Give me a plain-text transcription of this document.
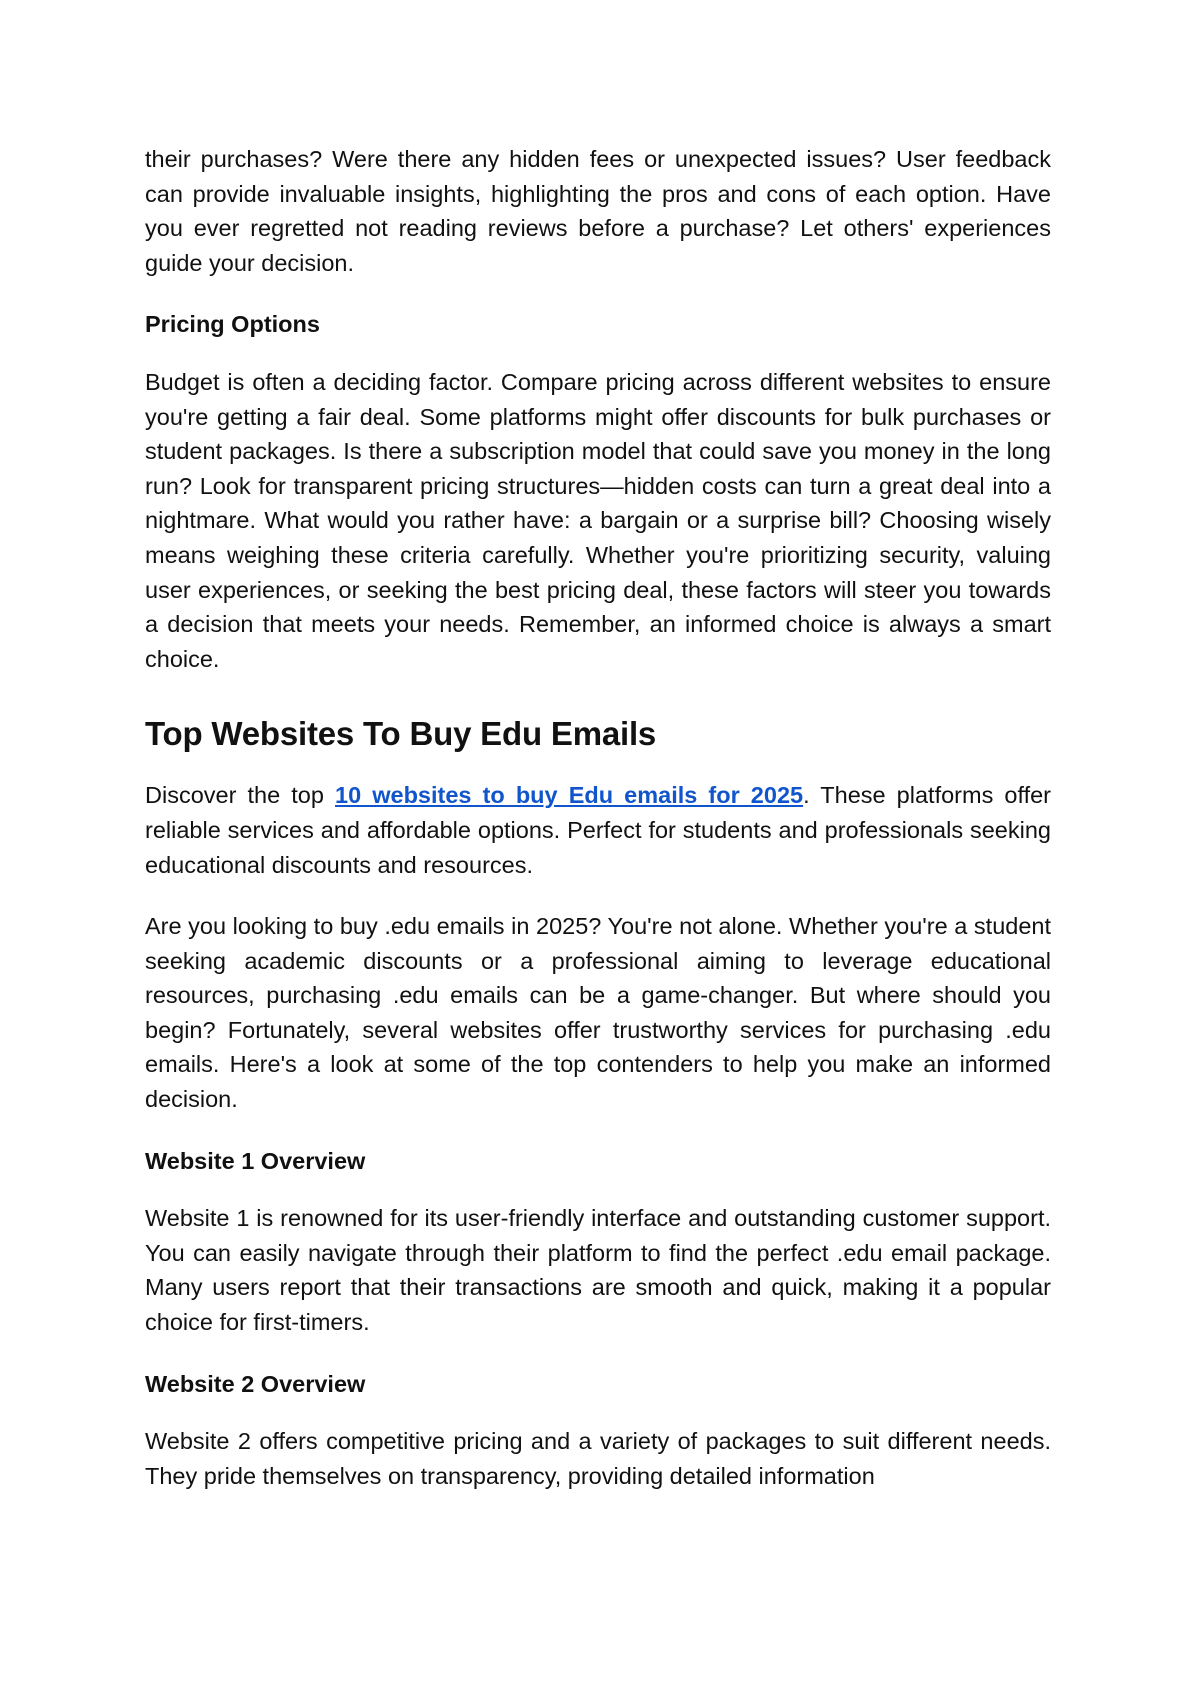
their purchases? Were there any hidden fees or unexpected issues? User feedback can provide invaluable insights, highlighting the pros and cons of each option. Have you ever regretted not reading reviews before a purchase? Let others' experiences guide your decision.

Pricing Options

Budget is often a deciding factor. Compare pricing across different websites to ensure you're getting a fair deal. Some platforms might offer discounts for bulk purchases or student packages. Is there a subscription model that could save you money in the long run? Look for transparent pricing structures—hidden costs can turn a great deal into a nightmare. What would you rather have: a bargain or a surprise bill? Choosing wisely means weighing these criteria carefully. Whether you're prioritizing security, valuing user experiences, or seeking the best pricing deal, these factors will steer you towards a decision that meets your needs. Remember, an informed choice is always a smart choice.

Top Websites To Buy Edu Emails

Discover the top 10 websites to buy Edu emails for 2025. These platforms offer reliable services and affordable options. Perfect for students and professionals seeking educational discounts and resources.

Are you looking to buy .edu emails in 2025? You're not alone. Whether you're a student seeking academic discounts or a professional aiming to leverage educational resources, purchasing .edu emails can be a game-changer. But where should you begin? Fortunately, several websites offer trustworthy services for purchasing .edu emails. Here's a look at some of the top contenders to help you make an informed decision.

Website 1 Overview

Website 1 is renowned for its user-friendly interface and outstanding customer support. You can easily navigate through their platform to find the perfect .edu email package. Many users report that their transactions are smooth and quick, making it a popular choice for first-timers.

Website 2 Overview

Website 2 offers competitive pricing and a variety of packages to suit different needs. They pride themselves on transparency, providing detailed information
